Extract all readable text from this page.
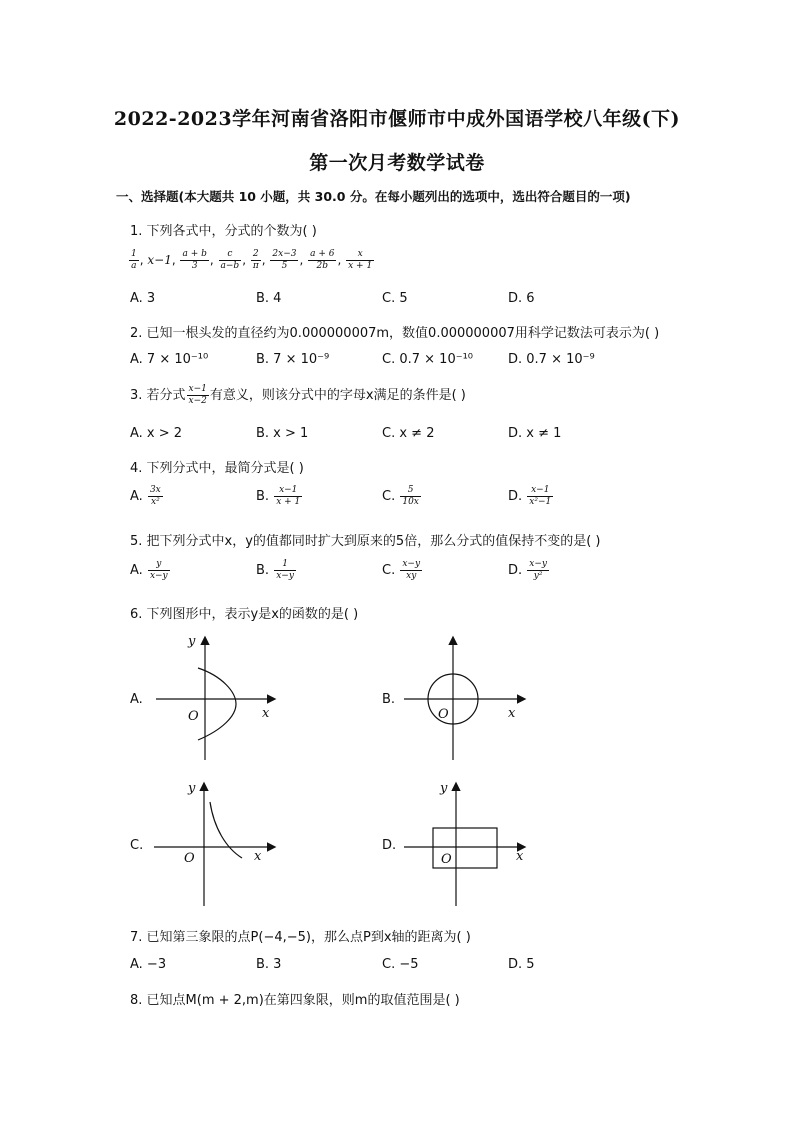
2022-2023学年河南省洛阳市偃师市中成外国语学校八年级(下)
第一次月考数学试卷
一、选择题(本大题共 10 小题，共 30.0 分。在每小题列出的选项中，选出符合题目的一项)
1. 下列各式中，分式的个数为( )
$\frac{1}{a}$ , x−1, $\frac{a + b}{3}$ , $\frac{c}{a-b}$ , $\frac{2}{\pi}$ , $\frac{2x-3}{5}$ , $\frac{a + 6}{2b}$ , $\frac{x}{x + 1}$
A. 3	B. 4	C. 5	D. 6
2. 已知一根头发的直径约为0.000000007m，数值0.000000007用科学记数法可表示为( )
A. 7 × 10⁻¹⁰	B. 7 × 10⁻⁹	C. 0.7 × 10⁻¹⁰	D. 0.7 × 10⁻⁹
3. 若分式 $\frac{x-1}{x-2}$ 有意义，则该分式中的字母x满足的条件是( )
A. x > 2	B. x > 1	C. x ≠ 2	D. x ≠ 1
4. 下列分式中，最简分式是( )
A. $\frac{3x}{\text{x²}}$	B. $\frac{x-1}{x + 1}$	C. $\frac{5}{10x}$	D. $\frac{x-1}{\text{x²−1}}$
5. 把下列分式中x，y的值都同时扩大到原来的5倍，那么分式的值保持不变的是( )
A. $\frac{y}{x-y}$	B. $\frac{1}{x-y}$	C. $\frac{x-y}{xy}$	D. $\frac{x-y}{\text{y²}}$
6. 下列图形中，表示y是x的函数的是( )
A.
y
x
O
B.
x
O
C.
y
x
O
D.
y
x
O
7. 已知第三象限的点P(−4,−5)，那么点P到x轴的距离为( )
A. −3	B. 3	C. −5	D. 5
8. 已知点M(m + 2,m)在第四象限，则m的取值范围是( )
